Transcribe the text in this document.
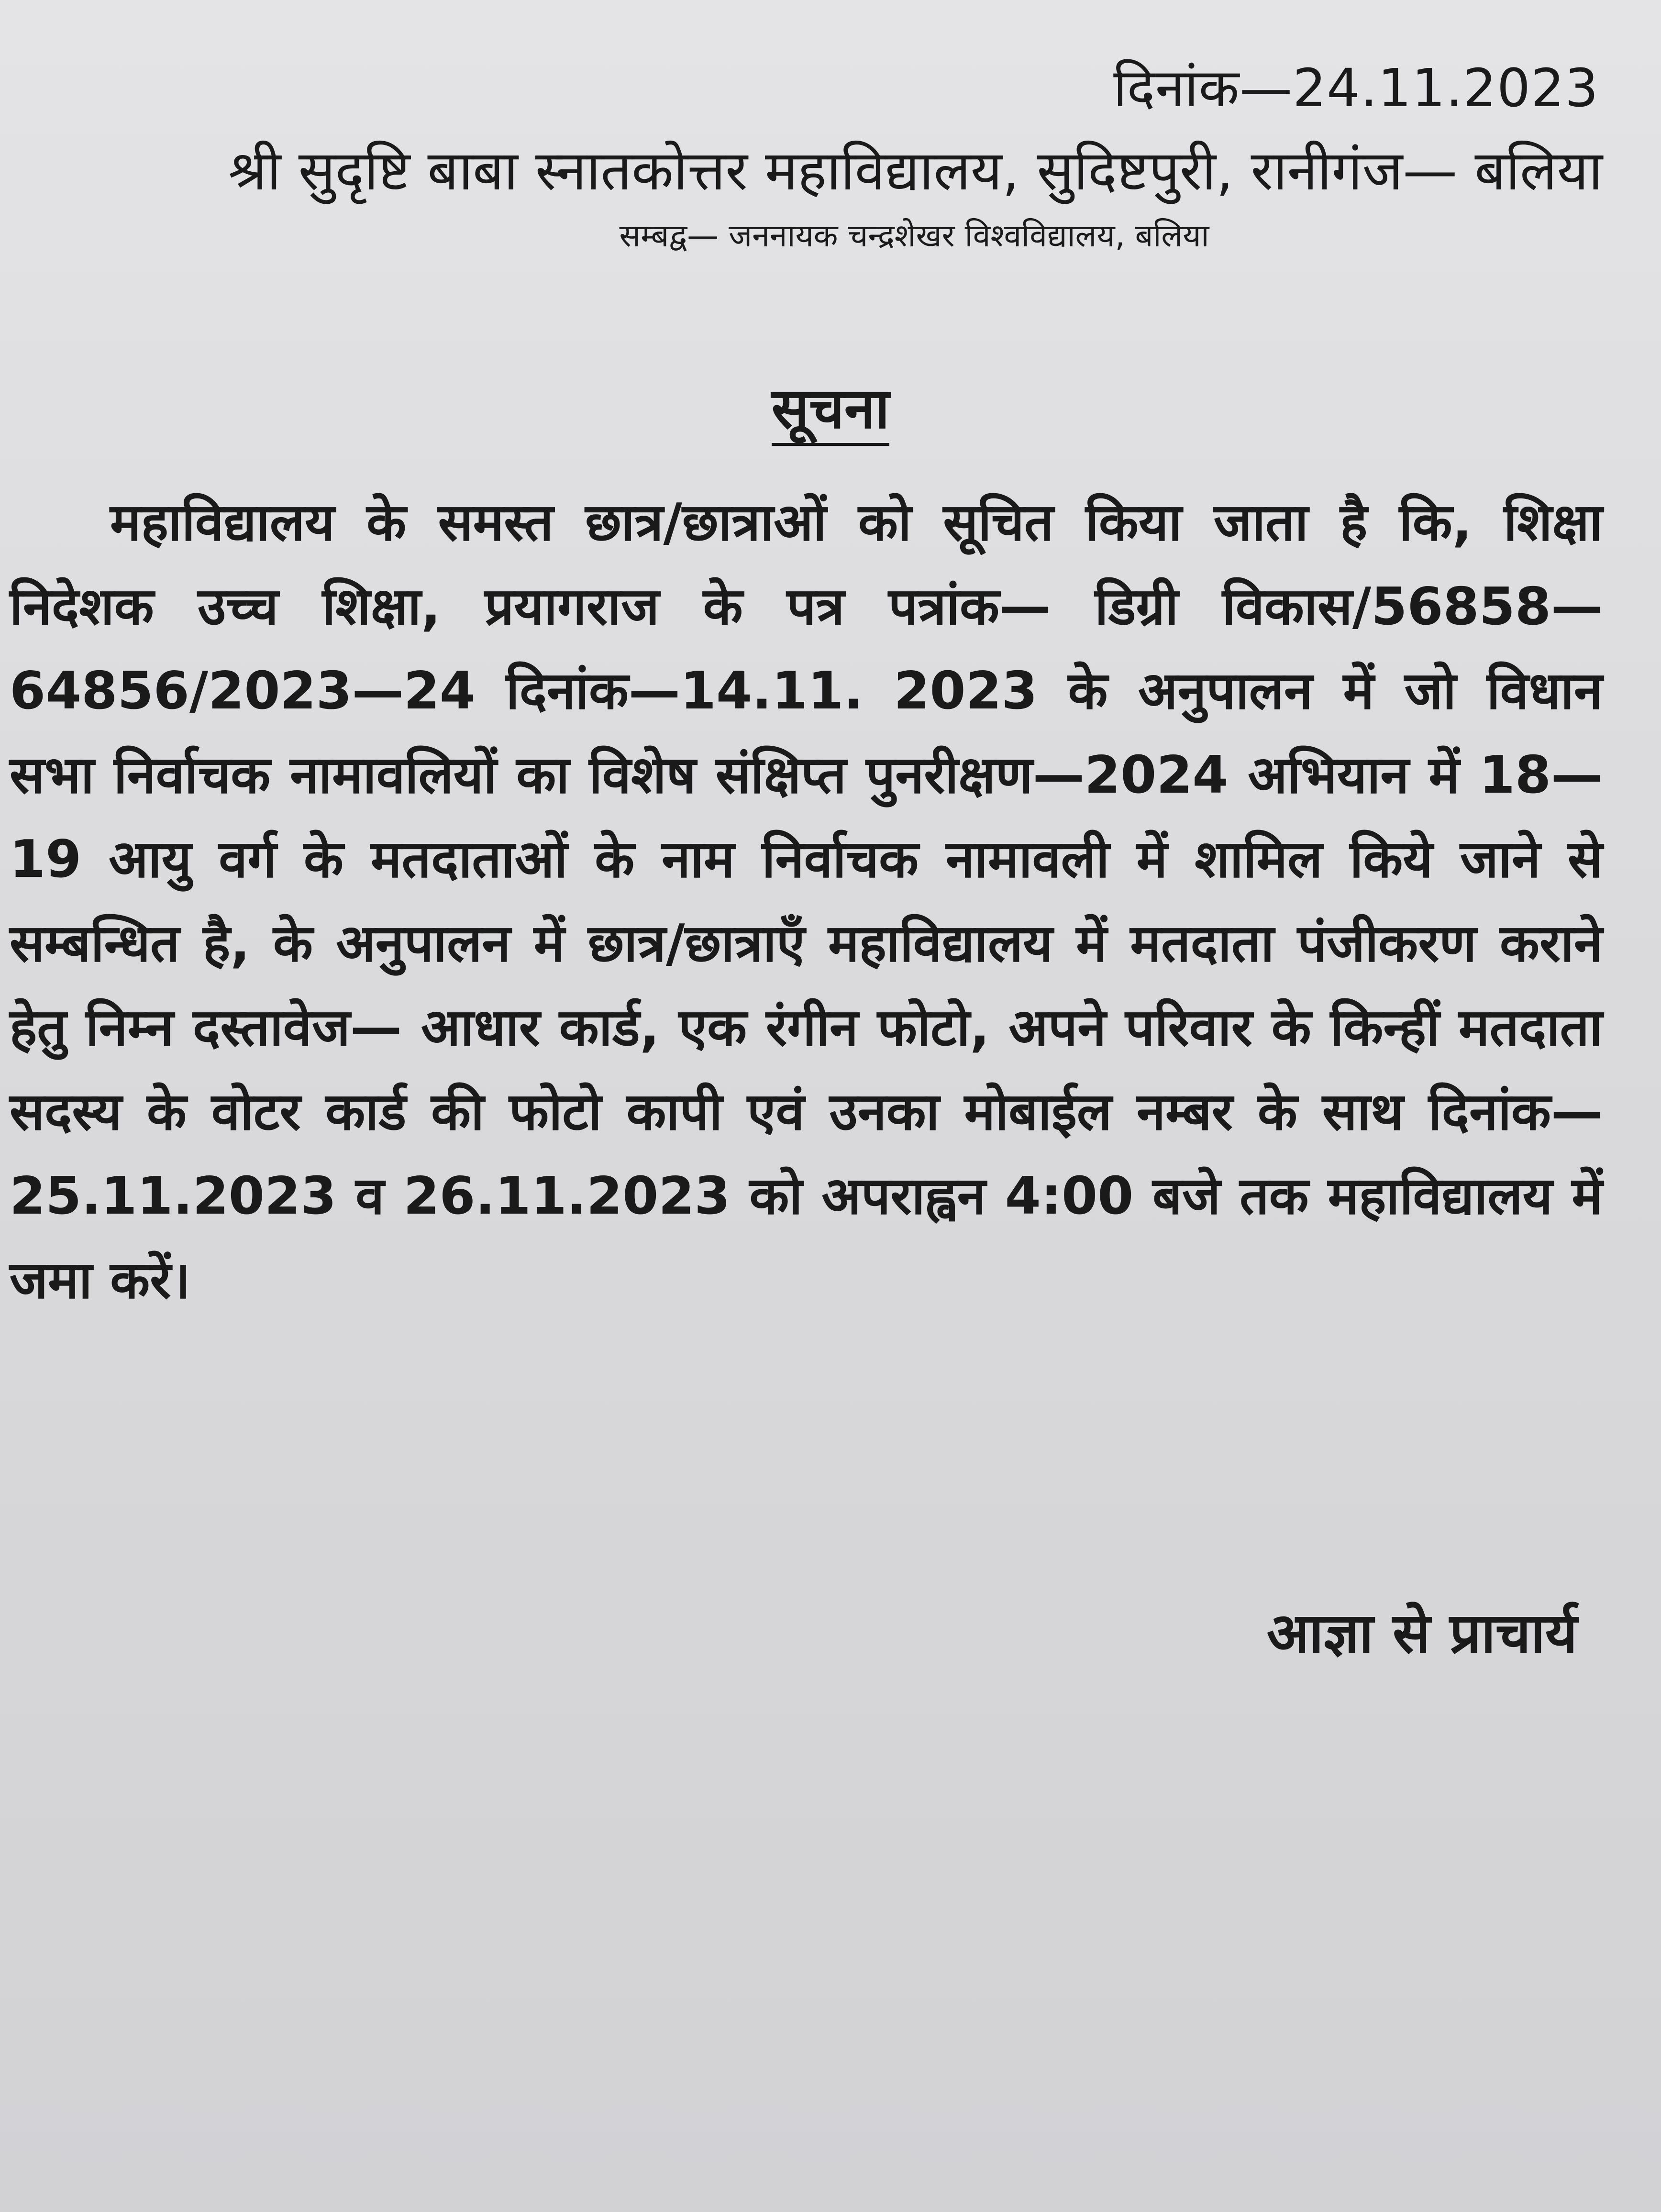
दिनांक—24.11.2023
श्री सुदृष्टि बाबा स्नातकोत्तर महाविद्यालय, सुदिष्टपुरी, रानीगंज— बलिया
सम्बद्व— जननायक चन्द्रशेखर विश्वविद्यालय, बलिया
सूचना

महाविद्यालय के समस्त छात्र/छात्राओं को सूचित किया जाता है कि, शिक्षा निदेशक उच्च शिक्षा, प्रयागराज के पत्र पत्रांक— डिग्री विकास/56858—64856/2023—24 दिनांक—14.11. 2023 के अनुपालन में जो विधान सभा निर्वाचक नामावलियों का विशेष संक्षिप्त पुनरीक्षण—2024 अभियान में 18—19 आयु वर्ग के मतदाताओं के नाम निर्वाचक नामावली में शामिल किये जाने से सम्बन्धित है, के अनुपालन में छात्र/छात्राएँ महाविद्यालय में मतदाता पंजीकरण कराने हेतु निम्न दस्तावेज— आधार कार्ड, एक रंगीन फोटो, अपने परिवार के किन्हीं मतदाता सदस्य के वोटर कार्ड की फोटो कापी एवं उनका मोबाईल नम्बर के साथ दिनांक— 25.11.2023 व 26.11.2023 को अपराह्वन 4:00 बजे तक महाविद्यालय में जमा करें।

आज्ञा से प्राचार्य
